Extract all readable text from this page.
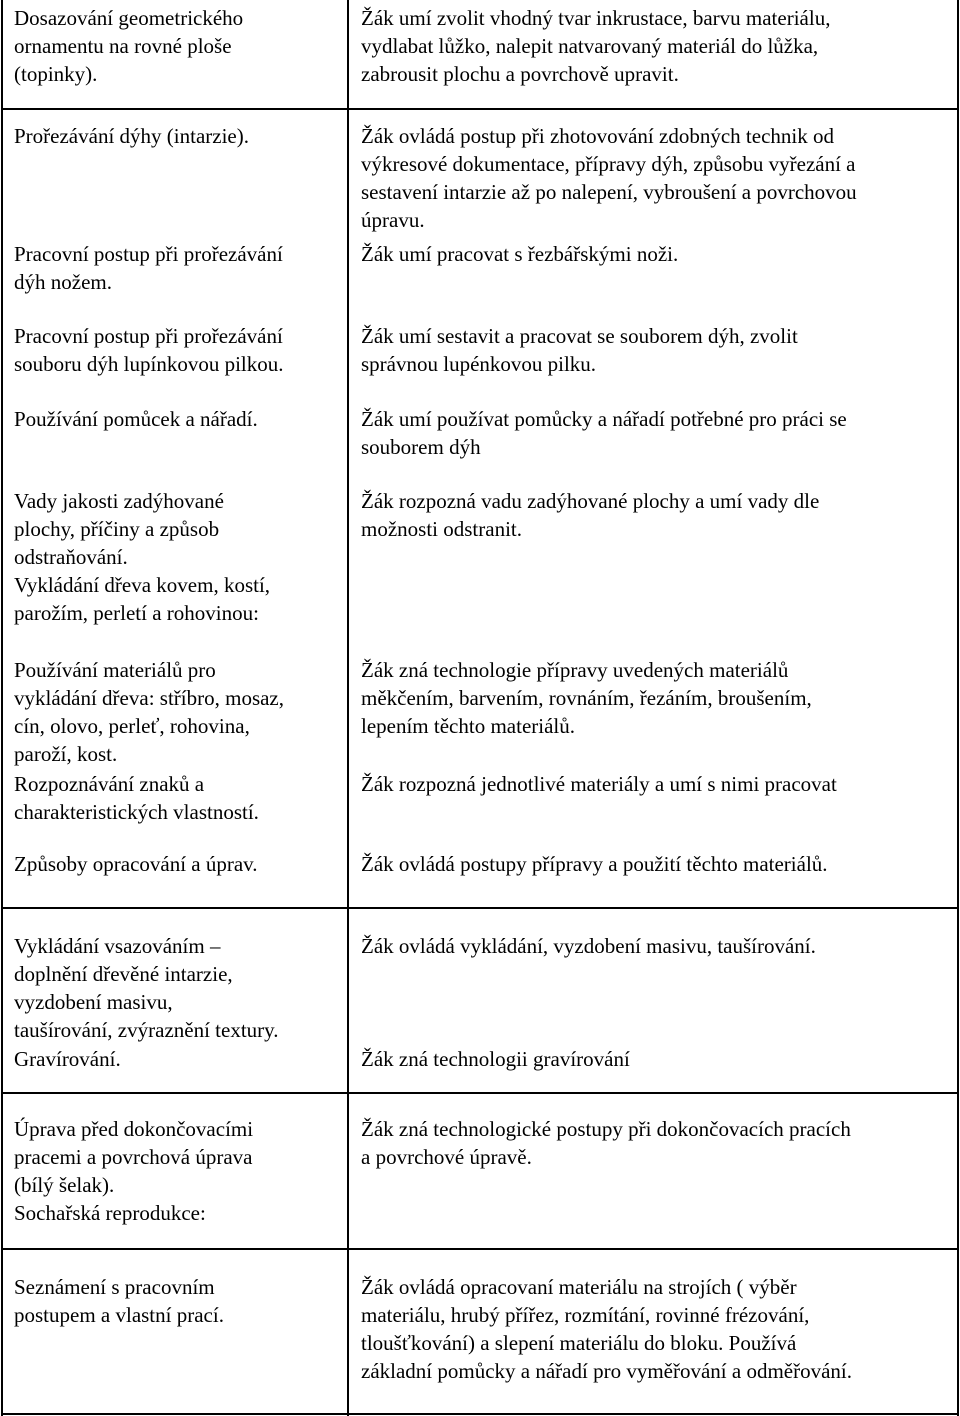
Dosazování geometrického
ornamentu na rovné ploše
(topinky).
Žák umí zvolit vhodný tvar inkrustace, barvu materiálu,
vydlabat lůžko, nalepit natvarovaný materiál do lůžka,
zabrousit plochu a povrchově upravit.
Prořezávání dýhy (intarzie).
Pracovní postup při prořezávání
dýh nožem.
Pracovní postup při prořezávání
souboru dýh lupínkovou pilkou.
Používání pomůcek a nářadí.
Vady jakosti zadýhované
plochy, příčiny a způsob
odstraňování.
Vykládání dřeva kovem, kostí,
parožím, perletí a rohovinou:
Používání materiálů pro
vykládání dřeva: stříbro, mosaz,
cín, olovo, perleť, rohovina,
paroží, kost.
Rozpoznávání znaků a
charakteristických vlastností.
Způsoby opracování a úprav.
Žák ovládá postup při zhotovování zdobných technik od
výkresové dokumentace, přípravy dýh, způsobu vyřezání a
sestavení intarzie až po nalepení, vybroušení a povrchovou
úpravu.
Žák umí pracovat s řezbářskými noži.
Žák umí sestavit a pracovat se souborem dýh, zvolit
správnou lupénkovou pilku.
Žák umí používat pomůcky a nářadí potřebné pro práci se
souborem dýh
Žák rozpozná vadu zadýhované plochy a umí vady dle
možnosti odstranit.
Žák zná technologie přípravy uvedených materiálů
měkčením, barvením, rovnáním, řezáním, broušením,
lepením těchto materiálů.
Žák rozpozná jednotlivé materiály a umí s nimi pracovat
Žák ovládá postupy přípravy a použití těchto materiálů.
Vykládání vsazováním –
doplnění dřevěné intarzie,
vyzdobení masivu,
taušírování, zvýraznění textury.
Gravírování.
Žák ovládá vykládání, vyzdobení masivu, taušírování.
Žák zná technologii gravírování
Úprava před dokončovacími
pracemi a povrchová úprava
(bílý šelak).
Sochařská reprodukce:
Žák zná technologické postupy při dokončovacích pracích
a povrchové úpravě.
Seznámení s pracovním
postupem a vlastní prací.
Žák ovládá opracovaní materiálu na strojích ( výběr
materiálu, hrubý přířez, rozmítání, rovinné frézování,
tloušťkování) a slepení materiálu do bloku. Používá
základní pomůcky a nářadí pro vyměřování a odměřování.
